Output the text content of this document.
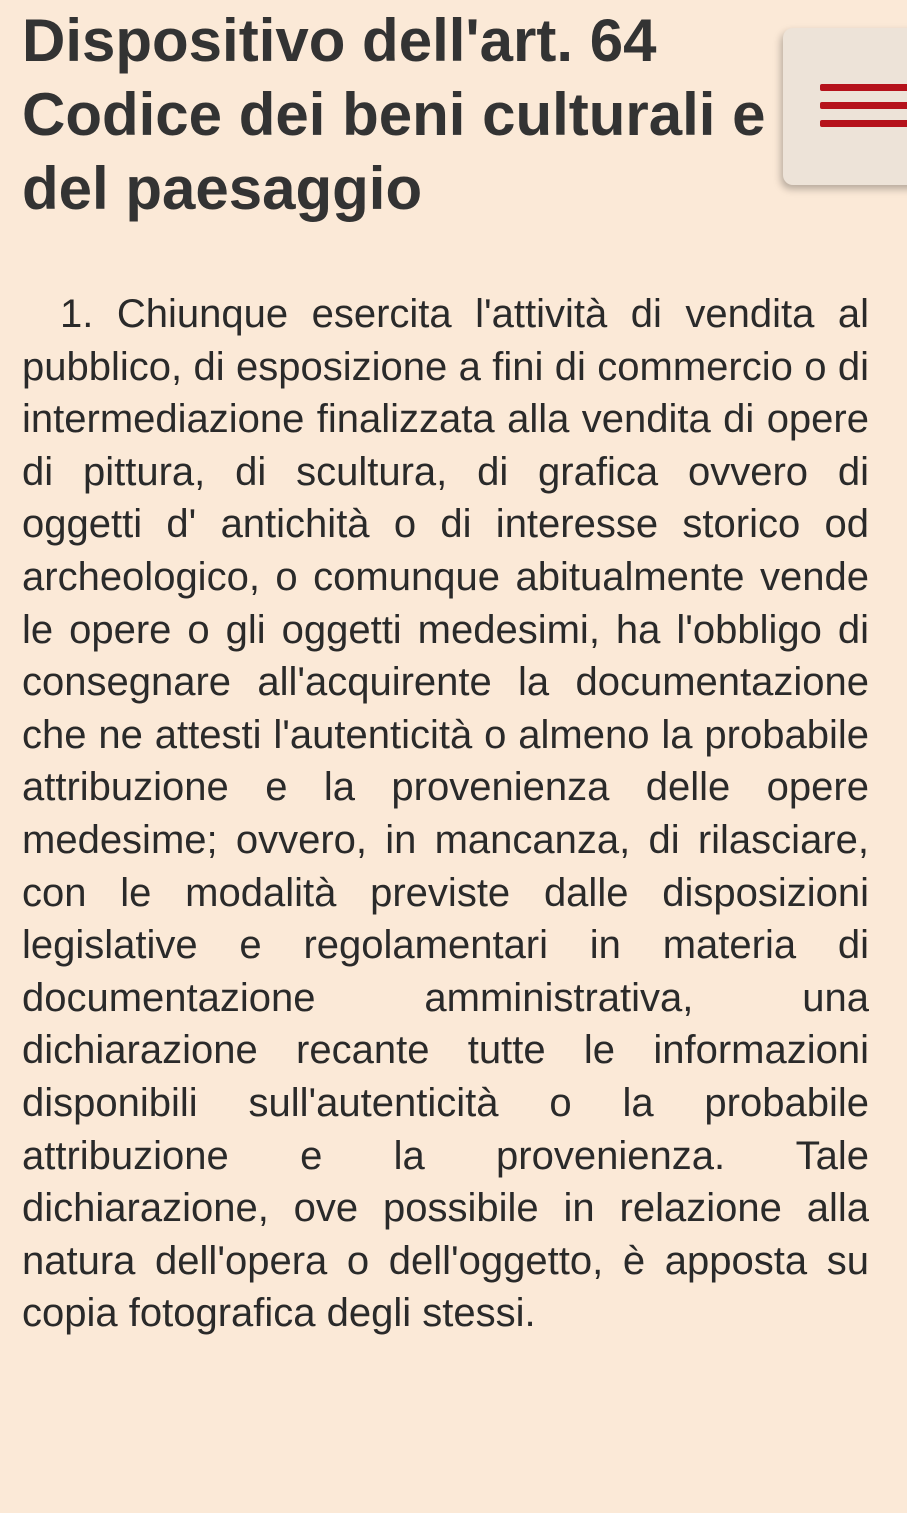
Dispositivo dell'art. 64
Codice dei beni culturali e
del paesaggio

1. Chiunque esercita l'attività di vendita al pubblico, di esposizione a fini di commercio o di intermediazione finalizzata alla vendita di opere di pittura, di scultura, di grafica ovvero di oggetti d' antichità o di interesse storico od archeologico, o comunque abitualmente vende le opere o gli oggetti medesimi, ha l'obbligo di consegnare all'acquirente la documentazione che ne attesti l'autenticità o almeno la probabile attribuzione e la provenienza delle opere medesime; ovvero, in mancanza, di rilasciare, con le modalità previste dalle disposizioni legislative e regolamentari in materia di documentazione amministrativa, una dichiarazione recante tutte le informazioni disponibili sull'autenticità o la probabile attribuzione e la provenienza. Tale dichiarazione, ove possibile in relazione alla natura dell'opera o dell'oggetto, è apposta su copia fotografica degli stessi.
